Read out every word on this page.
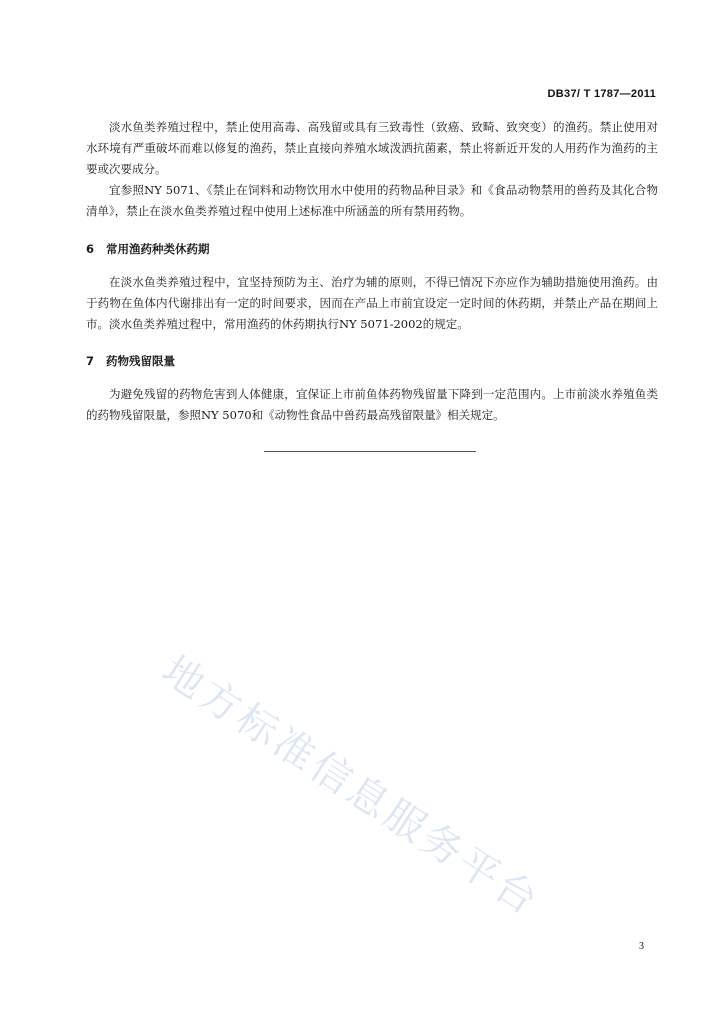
DB37/ T 1787—2011

淡水鱼类养殖过程中，禁止使用高毒、高残留或具有三致毒性（致癌、致畸、致突变）的渔药。禁止使用对水环境有严重破坏而难以修复的渔药，禁止直接向养殖水域泼洒抗菌素，禁止将新近开发的人用药作为渔药的主要或次要成分。

宜参照NY 5071、《禁止在饲料和动物饮用水中使用的药物品种目录》和《食品动物禁用的兽药及其化合物清单》，禁止在淡水鱼类养殖过程中使用上述标准中所涵盖的所有禁用药物。

6 常用渔药种类休药期

在淡水鱼类养殖过程中，宜坚持预防为主、治疗为辅的原则，不得已情况下亦应作为辅助措施使用渔药。由于药物在鱼体内代谢排出有一定的时间要求，因而在产品上市前宜设定一定时间的休药期，并禁止产品在期间上市。淡水鱼类养殖过程中，常用渔药的休药期执行NY 5071-2002的规定。

7 药物残留限量

为避免残留的药物危害到人体健康，宜保证上市前鱼体药物残留量下降到一定范围内。上市前淡水养殖鱼类的药物残留限量，参照NY 5070和《动物性食品中兽药最高残留限量》相关规定。

地方标准信息服务平台
3
